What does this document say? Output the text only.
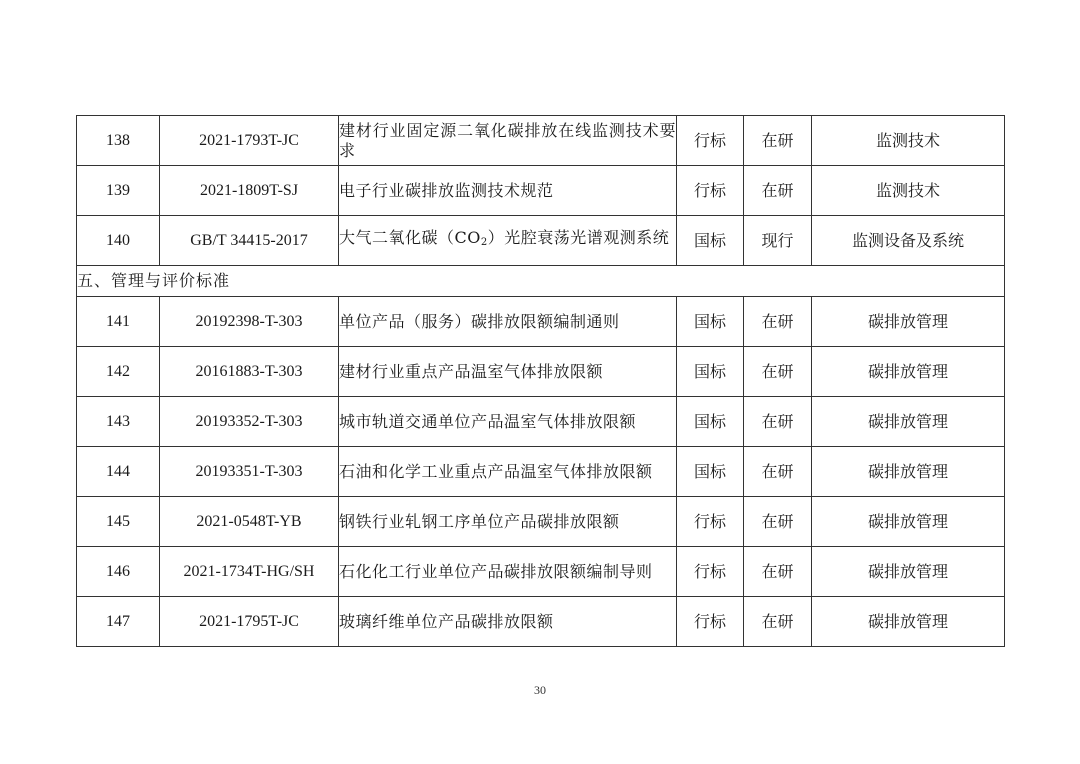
138	2021-1793T-JC	建材行业固定源二氧化碳排放在线监测技术要求	行标	在研	监测技术
139	2021-1809T-SJ	电子行业碳排放监测技术规范	行标	在研	监测技术
140	GB/T 34415-2017	大气二氧化碳$(CO_2)$光腔衰荡光谱观测系统	国标	现行	监测设备及系统
五、管理与评价标准					
141	20192398-T-303	单位产品（服务）碳排放限额编制通则	国标	在研	碳排放管理
142	20161883-T-303	建材行业重点产品温室气体排放限额	国标	在研	碳排放管理
143	20193352-T-303	城市轨道交通单位产品温室气体排放限额	国标	在研	碳排放管理
144	20193351-T-303	石油和化学工业重点产品温室气体排放限额	国标	在研	碳排放管理
145	2021-0548T-YB	钢铁行业轧钢工序单位产品碳排放限额	行标	在研	碳排放管理
146	2021-1734T-HG/SH	石化化工行业单位产品碳排放限额编制导则	行标	在研	碳排放管理
147	2021-1795T-JC	玻璃纤维单位产品碳排放限额	行标	在研	碳排放管理
30
